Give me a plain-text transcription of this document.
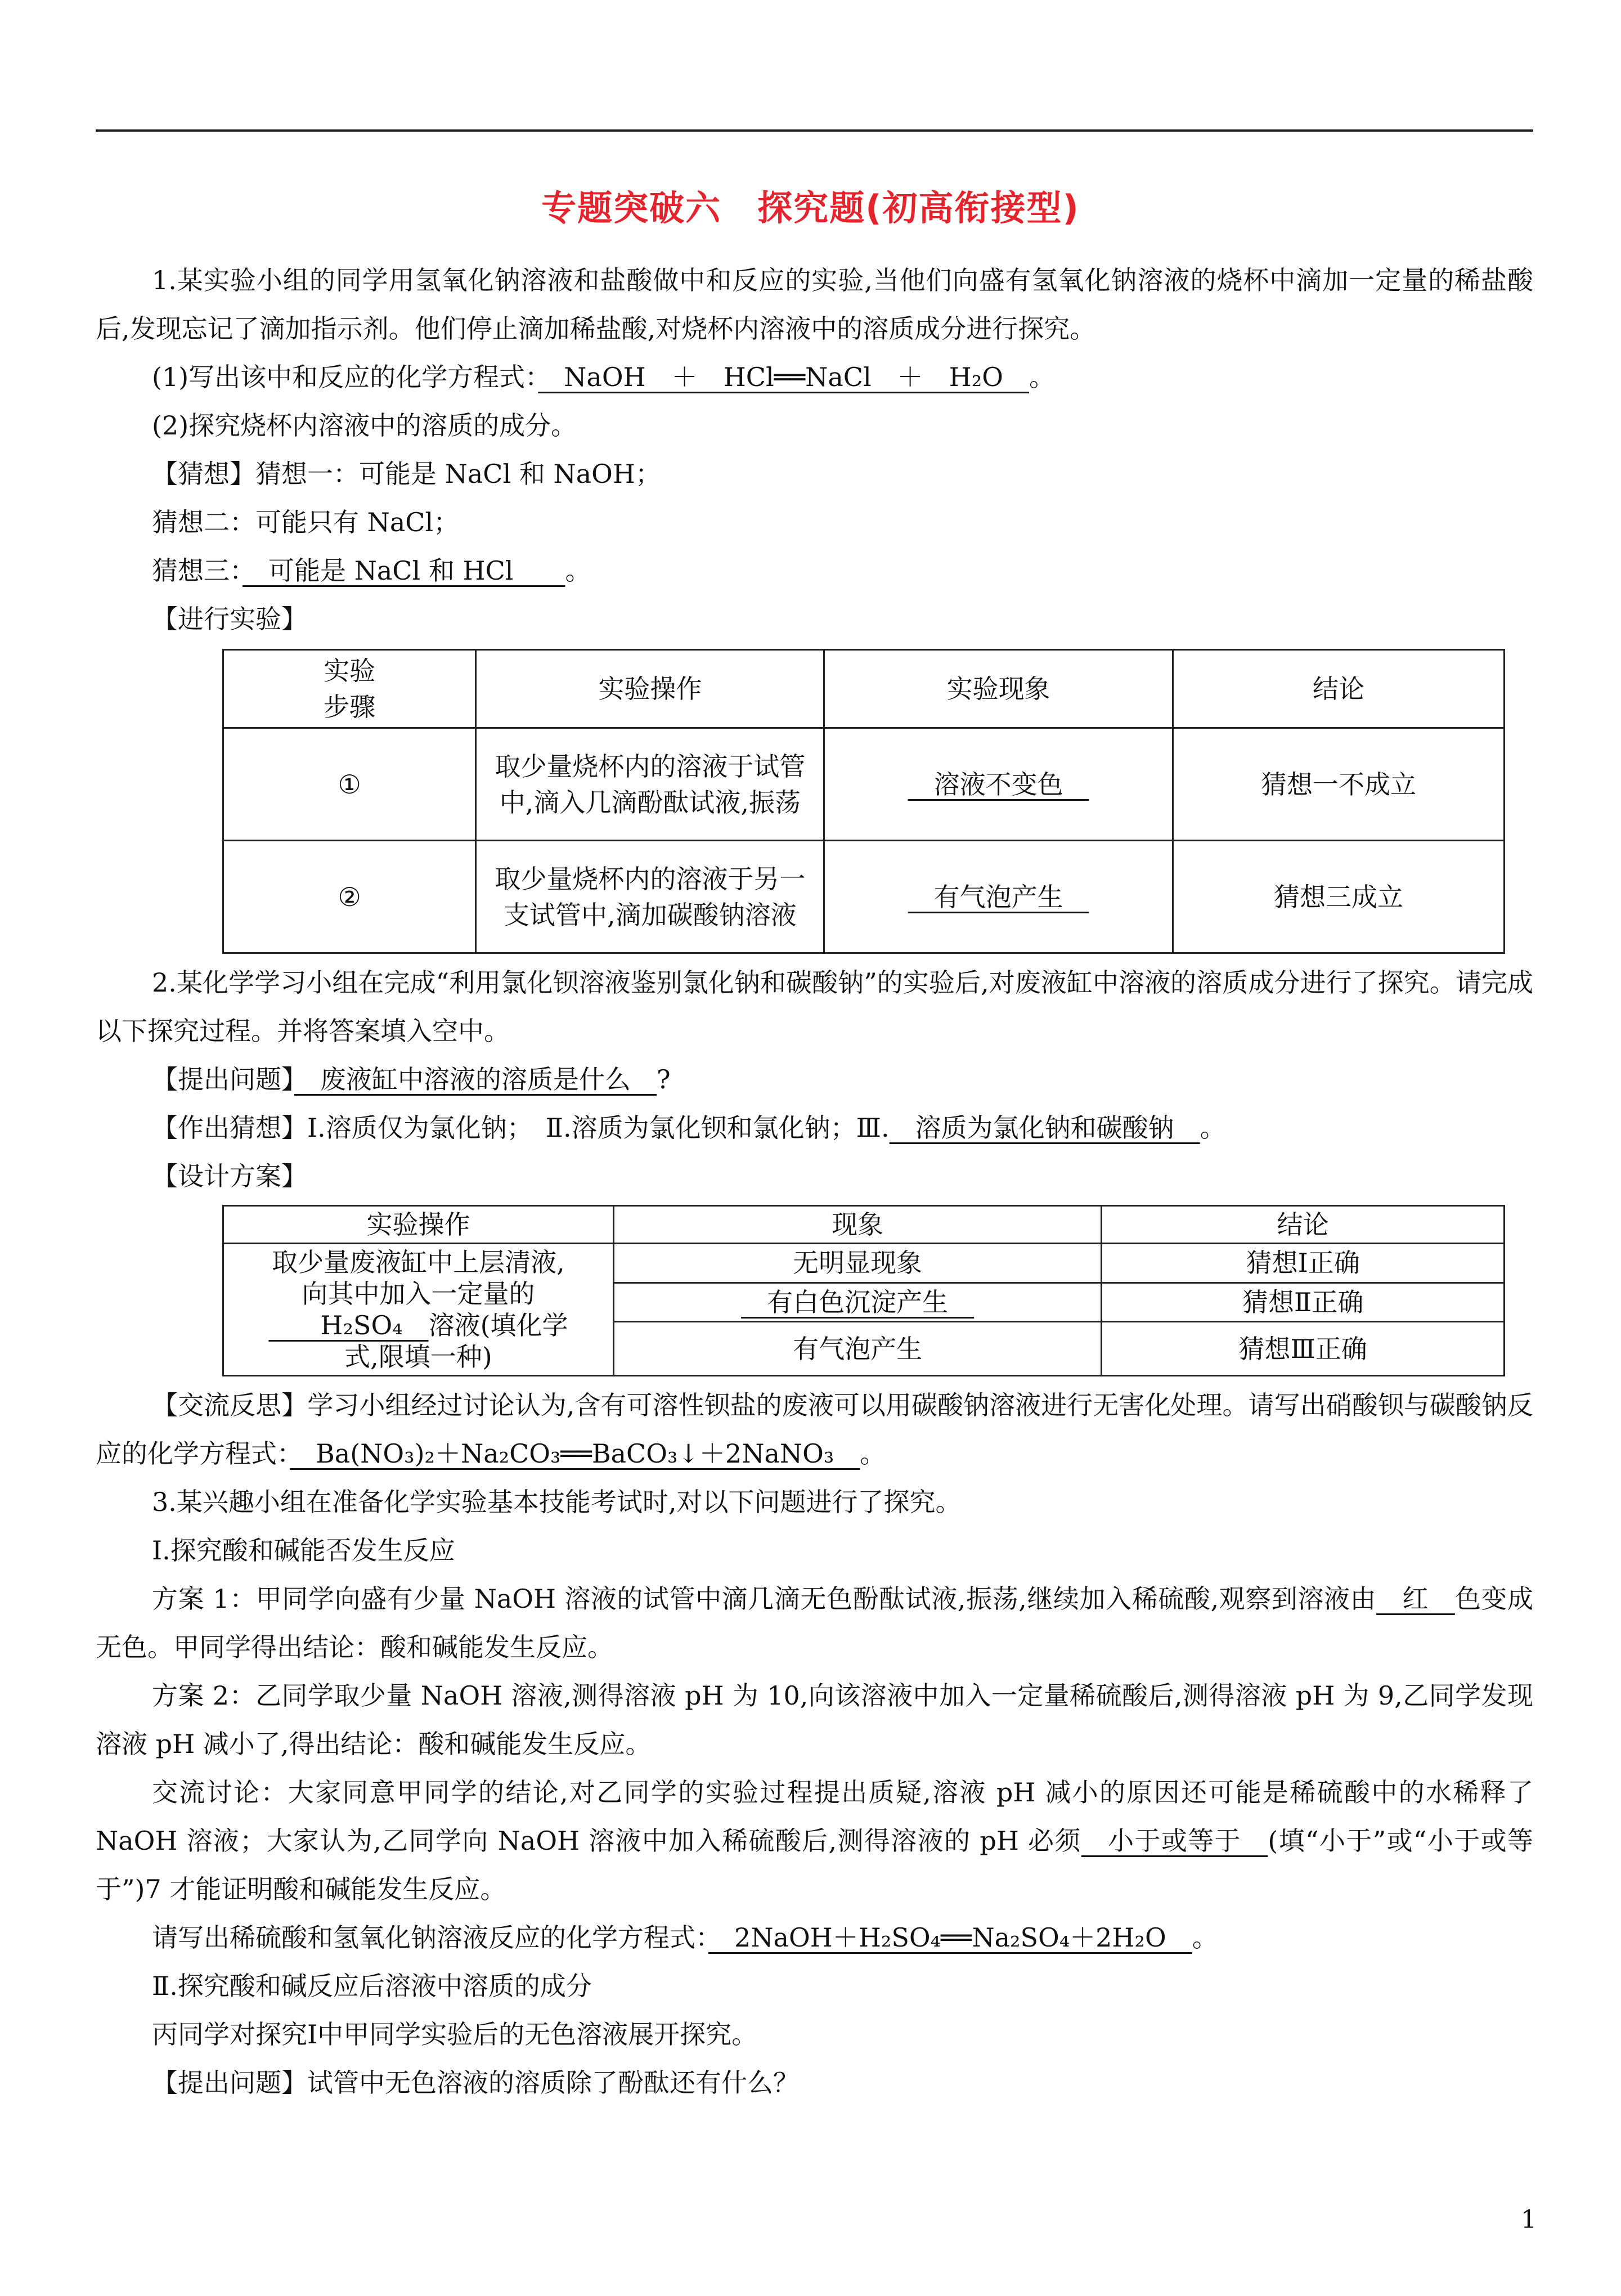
专题突破六　探究题(初高衔接型)

1.某实验小组的同学用氢氧化钠溶液和盐酸做中和反应的实验,当他们向盛有氢氧化钠溶液的烧杯中滴加一定量的稀盐酸后,发现忘记了滴加指示剂。他们停止滴加稀盐酸,对烧杯内溶液中的溶质成分进行探究。

(1)写出该中和反应的化学方程式：　NaOH　＋　HCl══NaCl　＋　H₂O　。

(2)探究烧杯内溶液中的溶质的成分。

【猜想】猜想一：可能是 NaCl 和 NaOH；

猜想二：可能只有 NaCl；

猜想三：　可能是 NaCl 和 HCl　　。

【进行实验】

实验
步骤	实验操作	实验现象	结论
①	取少量烧杯内的溶液于试管中,滴入几滴酚酞试液,振荡	　溶液不变色　	猜想一不成立
②	取少量烧杯内的溶液于另一支试管中,滴加碳酸钠溶液	　有气泡产生　	猜想三成立

2.某化学学习小组在完成“利用氯化钡溶液鉴别氯化钠和碳酸钠”的实验后,对废液缸中溶液的溶质成分进行了探究。请完成以下探究过程。并将答案填入空中。

【提出问题】　废液缸中溶液的溶质是什么　?

【作出猜想】Ⅰ.溶质仅为氯化钠；　Ⅱ.溶质为氯化钡和氯化钠；Ⅲ.　溶质为氯化钠和碳酸钠　。

【设计方案】

实验操作	现象	结论
取少量废液缸中上层清液,
向其中加入一定量的
　　H₂SO₄　溶液(填化学
式,限填一种)	无明显现象	猜想Ⅰ正确
	　有白色沉淀产生　	猜想Ⅱ正确
	有气泡产生	猜想Ⅲ正确

【交流反思】学习小组经过讨论认为,含有可溶性钡盐的废液可以用碳酸钠溶液进行无害化处理。请写出硝酸钡与碳酸钠反应的化学方程式：　Ba(NO₃)₂＋Na₂CO₃══BaCO₃↓＋2NaNO₃　。

3.某兴趣小组在准备化学实验基本技能考试时,对以下问题进行了探究。

Ⅰ.探究酸和碱能否发生反应

方案 1：甲同学向盛有少量 NaOH 溶液的试管中滴几滴无色酚酞试液,振荡,继续加入稀硫酸,观察到溶液由　红　色变成无色。甲同学得出结论：酸和碱能发生反应。

方案 2：乙同学取少量 NaOH 溶液,测得溶液 pH 为 10,向该溶液中加入一定量稀硫酸后,测得溶液 pH 为 9,乙同学发现溶液 pH 减小了,得出结论：酸和碱能发生反应。

交流讨论：大家同意甲同学的结论,对乙同学的实验过程提出质疑,溶液 pH 减小的原因还可能是稀硫酸中的水稀释了 NaOH 溶液；大家认为,乙同学向 NaOH 溶液中加入稀硫酸后,测得溶液的 pH 必须　小于或等于　(填“小于”或“小于或等于”)7 才能证明酸和碱能发生反应。

请写出稀硫酸和氢氧化钠溶液反应的化学方程式：　2NaOH＋H₂SO₄══Na₂SO₄＋2H₂O　。

Ⅱ.探究酸和碱反应后溶液中溶质的成分

丙同学对探究Ⅰ中甲同学实验后的无色溶液展开探究。

【提出问题】试管中无色溶液的溶质除了酚酞还有什么？

1
